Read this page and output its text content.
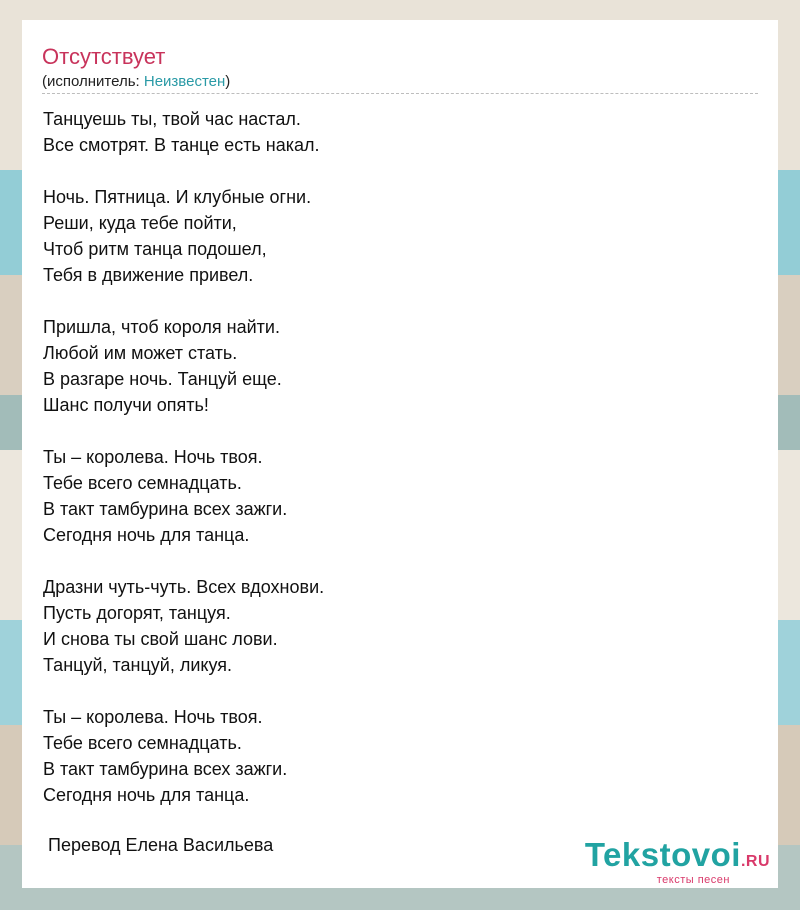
Отсутствует
(исполнитель: Неизвестен)
Танцуешь ты, твой час настал.
Все смотрят. В танце есть накал.

Ночь. Пятница. И клубные огни.
Реши, куда тебе пойти,
Чтоб ритм танца подошел,
Тебя в движение привел.

Пришла, чтоб короля найти.
Любой им может стать.
В разгаре ночь. Танцуй еще.
Шанс получи опять!

Ты – королева. Ночь твоя.
Тебе всего семнадцать.
В такт тамбурина всех зажги.
Сегодня ночь для танца.

Дразни чуть-чуть. Всех вдохнови.
Пусть догорят, танцуя.
И снова ты свой шанс лови.
Танцуй, танцуй, ликуя.

Ты – королева. Ночь твоя.
Тебе всего семнадцать.
В такт тамбурина всех зажги.
Сегодня ночь для танца.
Перевод Елена Васильева	Tekstovoi.RU
тексты песен
